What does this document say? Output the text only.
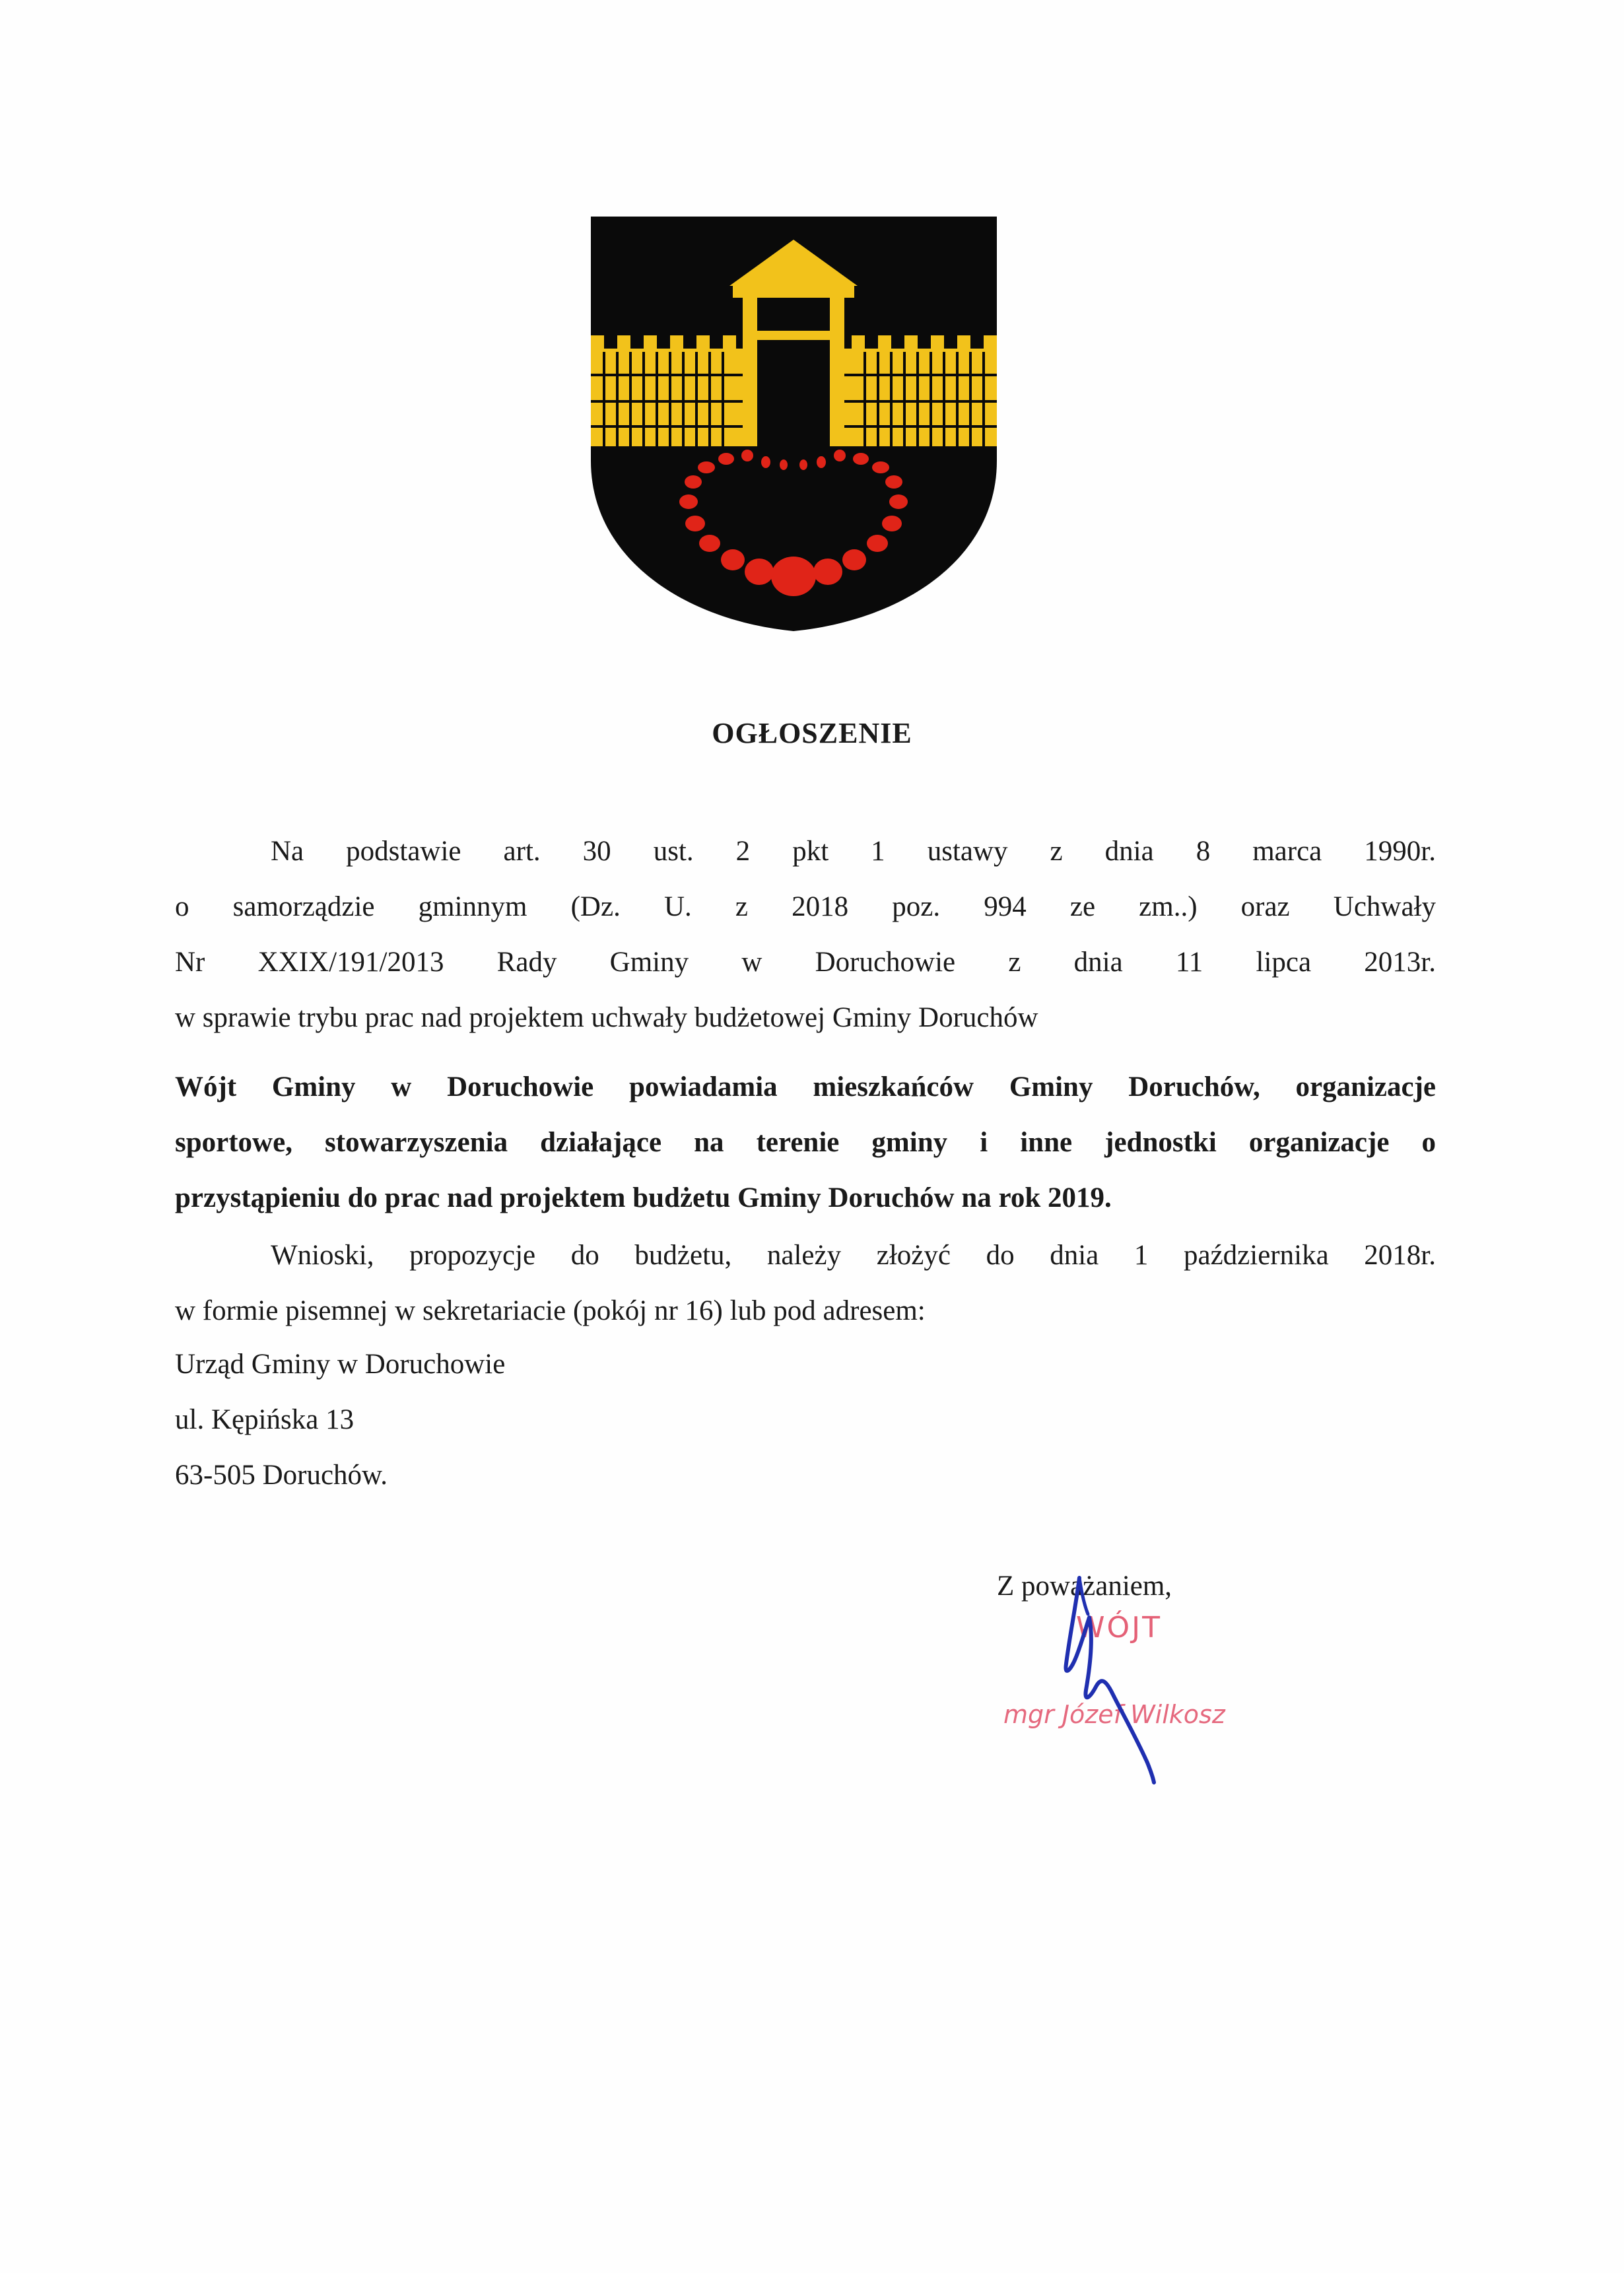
OGŁOSZENIE
Na podstawie art. 30 ust. 2 pkt 1 ustawy z dnia 8 marca 1990r.
o samorządzie gminnym (Dz. U. z 2018 poz. 994 ze zm..) oraz Uchwały
Nr XXIX/191/2013 Rady Gminy w Doruchowie z dnia 11 lipca 2013r.
w sprawie trybu prac nad projektem uchwały budżetowej Gminy Doruchów
Wójt Gminy w Doruchowie powiadamia mieszkańców Gminy Doruchów, organizacje
sportowe, stowarzyszenia działające na terenie gminy i inne jednostki organizacje o
przystąpieniu do prac nad projektem budżetu Gminy Doruchów na rok 2019.
Wnioski, propozycje do budżetu, należy złożyć do dnia 1 października 2018r.
w formie pisemnej w sekretariacie (pokój nr 16) lub pod adresem:
Urząd Gminy w Doruchowie
ul. Kępińska 13
63-505 Doruchów.
Z poważaniem,
WÓJT
mgr Józef Wilkosz
